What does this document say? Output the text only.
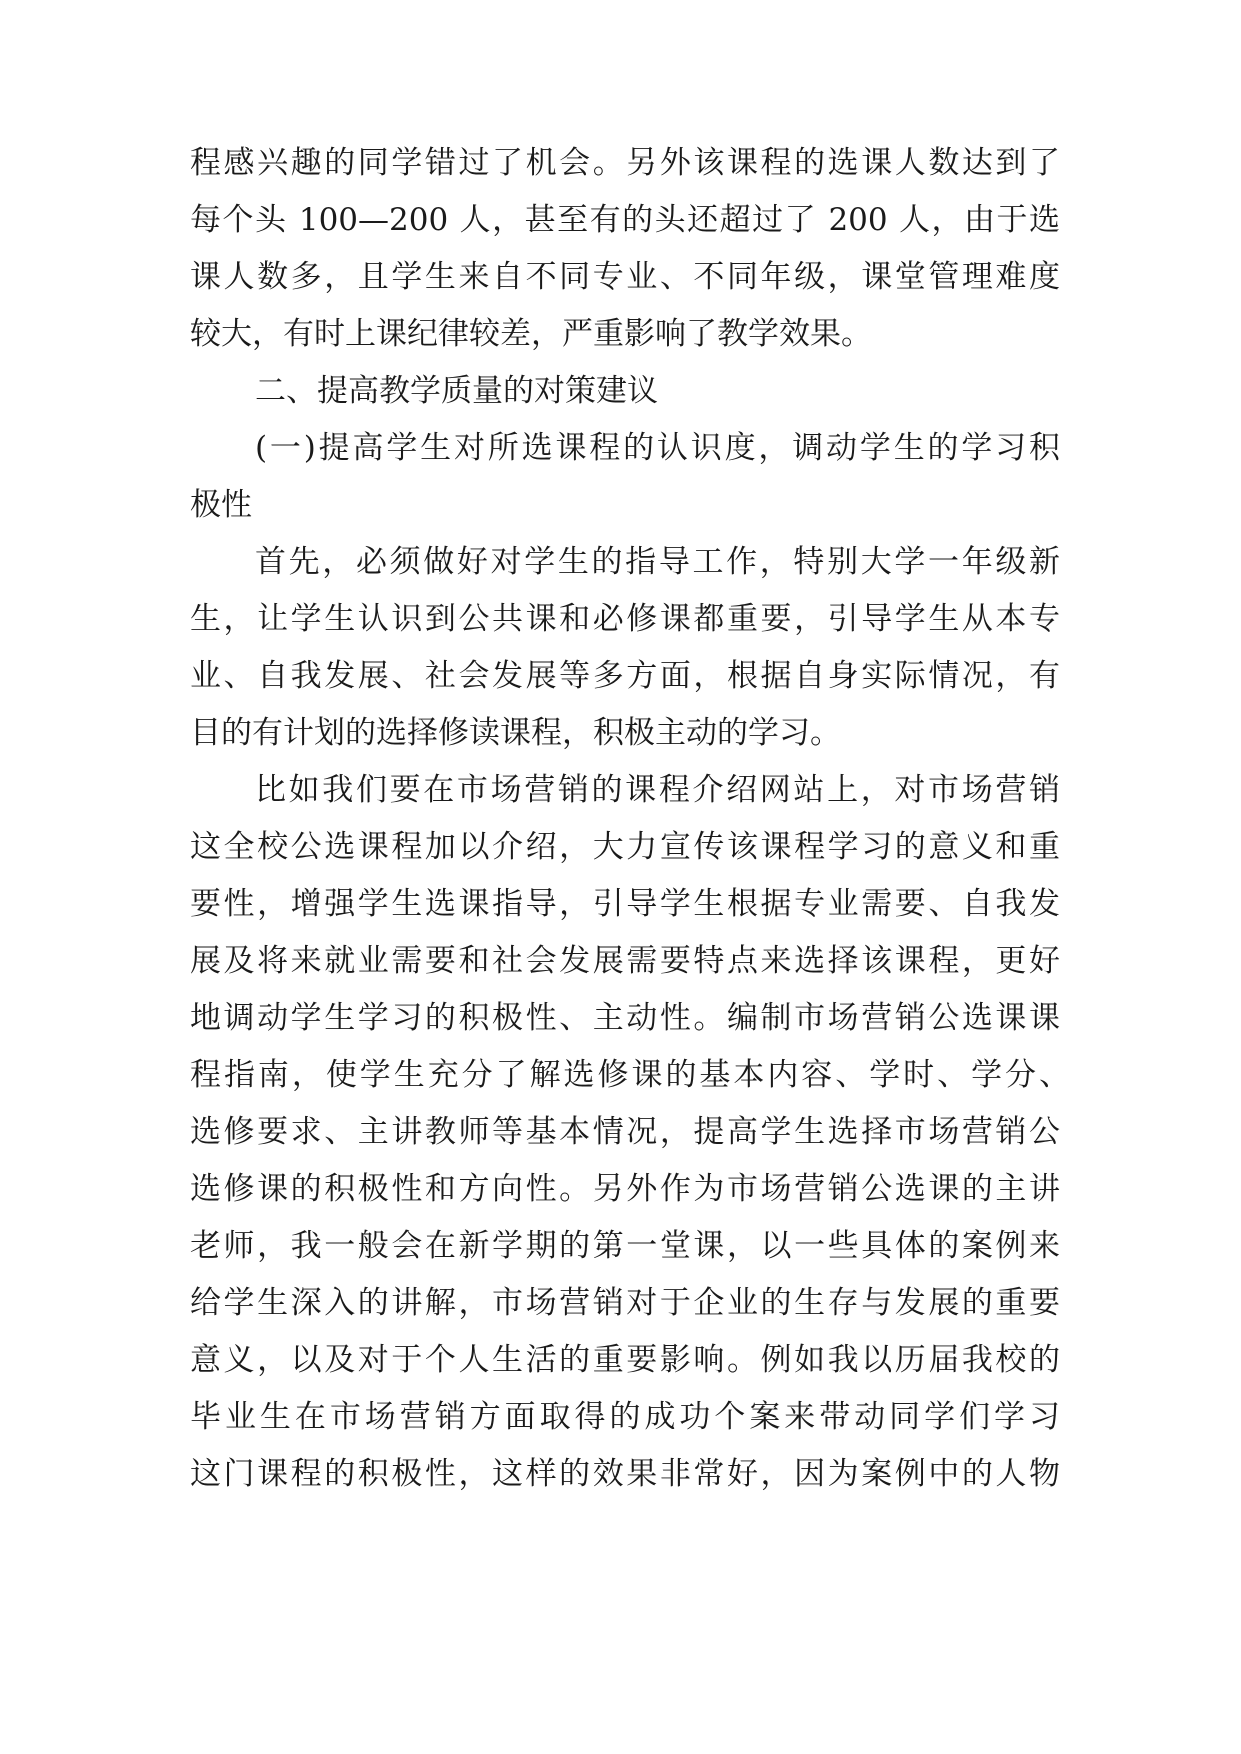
程感兴趣的同学错过了机会。另外该课程的选课人数达到了
每个头 100—200 人，甚至有的头还超过了 200 人，由于选
课人数多，且学生来自不同专业、不同年级，课堂管理难度
较大，有时上课纪律较差，严重影响了教学效果。
二、提高教学质量的对策建议
(一)提高学生对所选课程的认识度，调动学生的学习积
极性
首先，必须做好对学生的指导工作，特别大学一年级新
生，让学生认识到公共课和必修课都重要，引导学生从本专
业、自我发展、社会发展等多方面，根据自身实际情况，有
目的有计划的选择修读课程，积极主动的学习。
比如我们要在市场营销的课程介绍网站上，对市场营销
这全校公选课程加以介绍，大力宣传该课程学习的意义和重
要性，增强学生选课指导，引导学生根据专业需要、自我发
展及将来就业需要和社会发展需要特点来选择该课程，更好
地调动学生学习的积极性、主动性。编制市场营销公选课课
程指南，使学生充分了解选修课的基本内容、学时、学分、
选修要求、主讲教师等基本情况，提高学生选择市场营销公
选修课的积极性和方向性。另外作为市场营销公选课的主讲
老师，我一般会在新学期的第一堂课，以一些具体的案例来
给学生深入的讲解，市场营销对于企业的生存与发展的重要
意义，以及对于个人生活的重要影响。例如我以历届我校的
毕业生在市场营销方面取得的成功个案来带动同学们学习
这门课程的积极性，这样的效果非常好，因为案例中的人物
